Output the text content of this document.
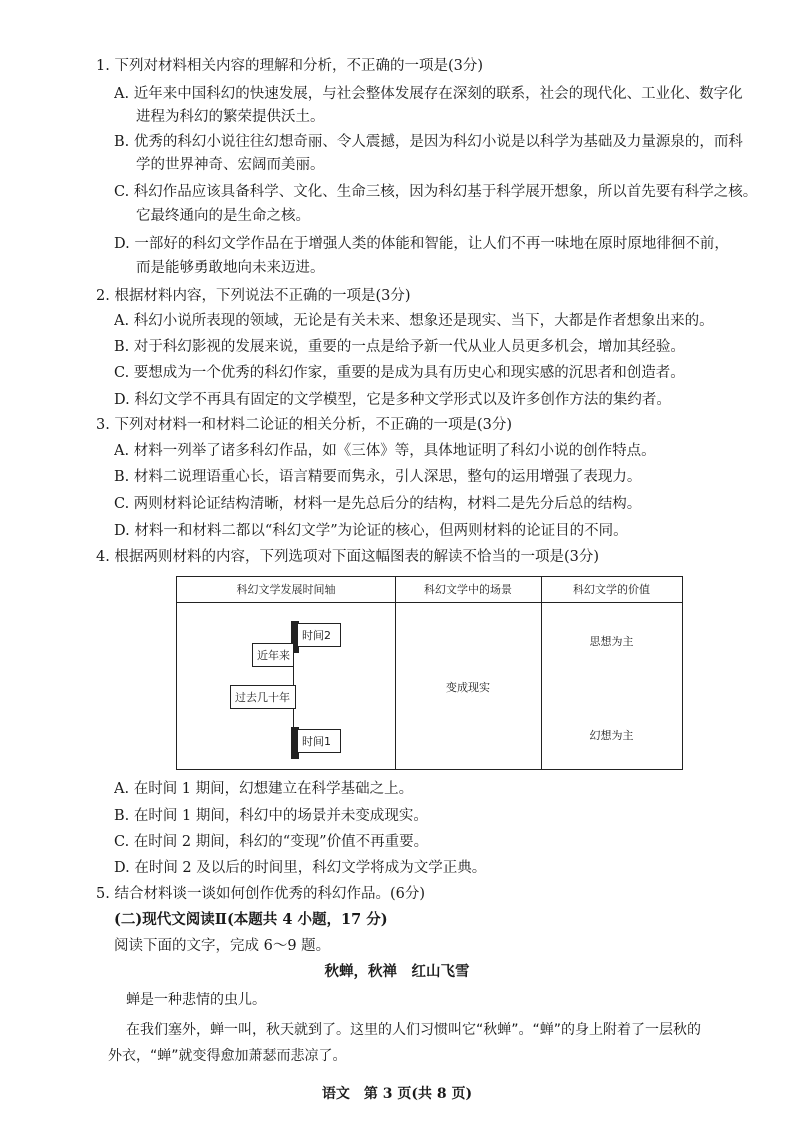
1. 下列对材料相关内容的理解和分析，不正确的一项是(3分)
A. 近年来中国科幻的快速发展，与社会整体发展存在深刻的联系，社会的现代化、工业化、数字化
进程为科幻的繁荣提供沃土。
B. 优秀的科幻小说往往幻想奇丽、令人震撼，是因为科幻小说是以科学为基础及力量源泉的，而科
学的世界神奇、宏阔而美丽。
C. 科幻作品应该具备科学、文化、生命三核，因为科幻基于科学展开想象，所以首先要有科学之核。
它最终通向的是生命之核。
D. 一部好的科幻文学作品在于增强人类的体能和智能，让人们不再一味地在原时原地徘徊不前，
而是能够勇敢地向未来迈进。
2. 根据材料内容，下列说法不正确的一项是(3分)
A. 科幻小说所表现的领域，无论是有关未来、想象还是现实、当下，大都是作者想象出来的。
B. 对于科幻影视的发展来说，重要的一点是给予新一代从业人员更多机会，增加其经验。
C. 要想成为一个优秀的科幻作家，重要的是成为具有历史心和现实感的沉思者和创造者。
D. 科幻文学不再具有固定的文学模型，它是多种文学形式以及许多创作方法的集约者。
3. 下列对材料一和材料二论证的相关分析，不正确的一项是(3分)
A. 材料一列举了诸多科幻作品，如《三体》等，具体地证明了科幻小说的创作特点。
B. 材料二说理语重心长，语言精要而隽永，引人深思，整句的运用增强了表现力。
C. 两则材料论证结构清晰，材料一是先总后分的结构，材料二是先分后总的结构。
D. 材料一和材料二都以“科幻文学”为论证的核心，但两则材料的论证目的不同。
4. 根据两则材料的内容，下列选项对下面这幅图表的解读不恰当的一项是(3分)
科幻文学发展时间轴	科幻文学中的场景	科幻文学的价值
时间2
时间1
近年来
过去几十年
变成现实
思想为主
幻想为主
A. 在时间 1 期间，幻想建立在科学基础之上。
B. 在时间 1 期间，科幻中的场景并未变成现实。
C. 在时间 2 期间，科幻的“变现”价值不再重要。
D. 在时间 2 及以后的时间里，科幻文学将成为文学正典。
5. 结合材料谈一谈如何创作优秀的科幻作品。(6分)
(二)现代文阅读Ⅱ(本题共 4 小题，17 分)
阅读下面的文字，完成 6～9 题。
秋蝉，秋禅　红山飞雪
蝉是一种悲情的虫儿。
在我们塞外，蝉一叫，秋天就到了。这里的人们习惯叫它“秋蝉”。“蝉”的身上附着了一层秋的
外衣，“蝉”就变得愈加萧瑟而悲凉了。
语文　第 3 页(共 8 页)
